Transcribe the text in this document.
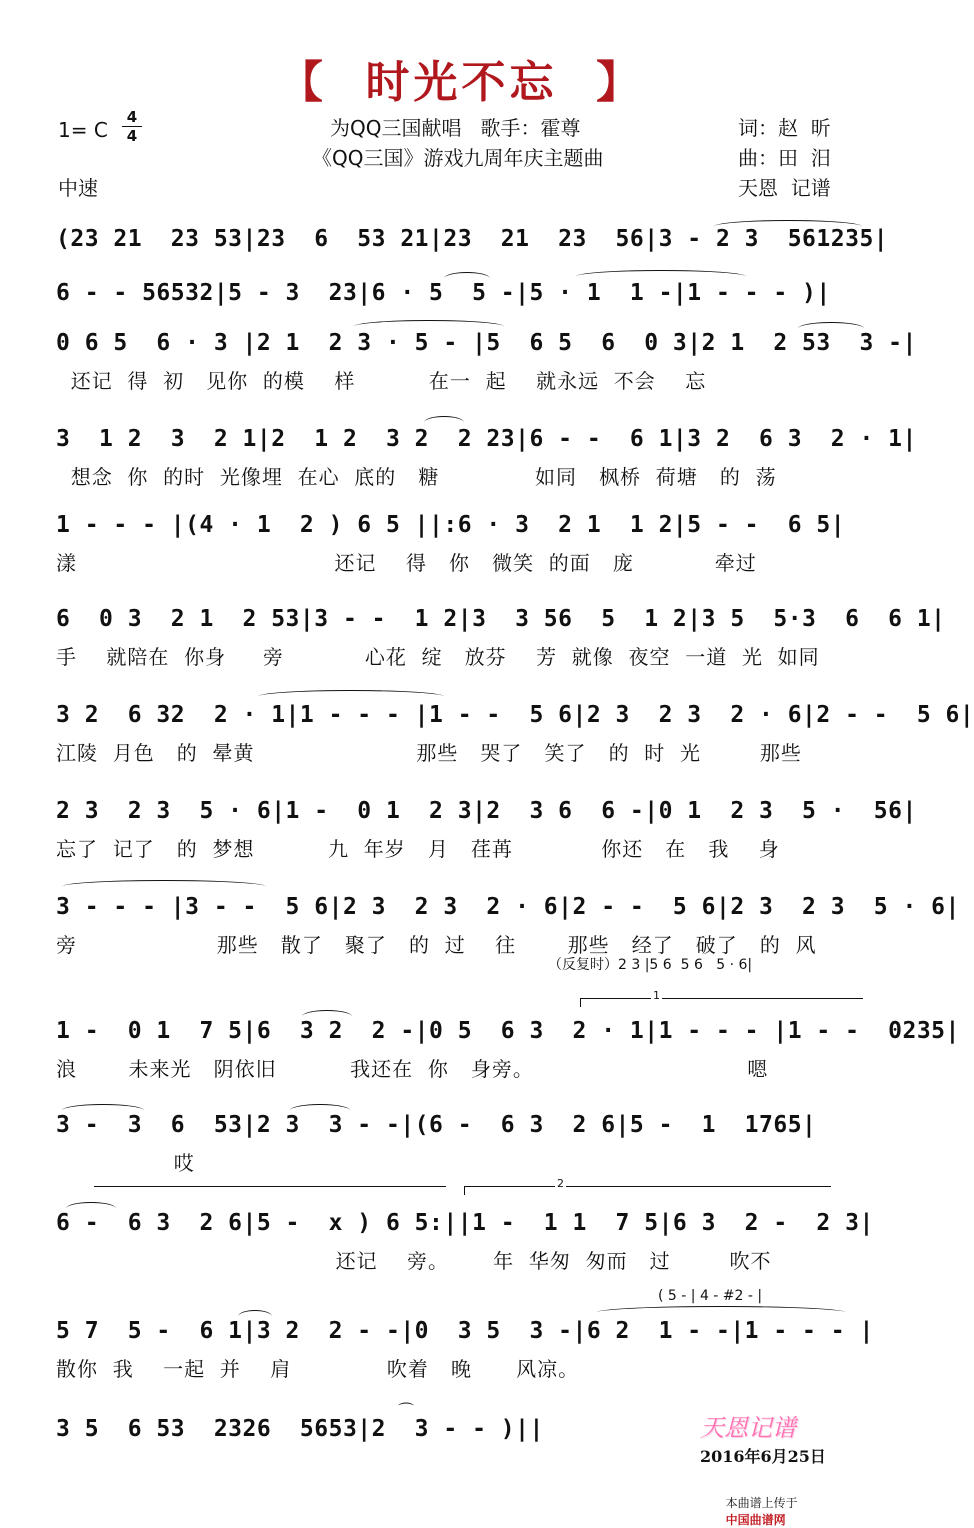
【  时光不忘  】
1= C
4
4
中速
为QQ三国献唱   歌手：霍尊
《QQ三国》游戏九周年庆主题曲
词：赵  昕
曲：田  汨
天恩  记谱
(23 21  23 53|23  6  53 21|23  21  23  56|3 - 2 3  561235|
6 - - 56532|5 - 3  23|6 · 5  5 -|5 · 1  1 -|1 - - - )|
0 6 5  6 · 3 |2 1  2 3 · 5 - |5  6 5  6  0 3|2 1  2 53  3 -|
还记  得  初   见你  的模    样          在一  起    就永远  不会    忘
3  1 2  3  2 1|2  1 2  3 2  2 23|6 - -  6 1|3 2  6 3  2 · 1|
想念  你  的时  光像埋  在心  底的   糖             如同   枫桥  荷塘   的  荡
1 - - - |(4 · 1  2 ) 6 5 ||:6 · 3  2 1  1 2|5 - -  6 5|
漾                                   还记    得   你   微笑  的面   庞           牵过
6  0 3  2 1  2 53|3 - -  1 2|3  3 56  5  1 2|3 5  5·3  6  6 1|
手    就陪在  你身     旁           心花  绽   放芬    芳  就像  夜空  一道  光  如同
3 2  6 32  2 · 1|1 - - - |1 - -  5 6|2 3  2 3  2 · 6|2 - -  5 6|
江陵  月色   的  晕黄                      那些   哭了   笑了   的  时  光        那些
2 3  2 3  5 · 6|1 -  0 1  2 3|2  3 6  6 -|0 1  2 3  5 ·  56|
忘了  记了   的  梦想          九  年岁   月   荏苒            你还   在   我    身
3 - - - |3 - -  5 6|2 3  2 3  2 · 6|2 - -  5 6|2 3  2 3  5 · 6|
旁                   那些   散了   聚了   的  过    往       那些   经了   破了   的  风
（反复时）2 3 |5 6  5 6   5 · 6|
1
1 -  0 1  7 5|6  3 2  2 -|0 5  6 3  2 · 1|1 - - - |1 - -  0235|
浪       未来光   阴依旧          我还在  你   身旁。                             嗯
3 -  3  6  53|2 3  3 - -|(6 -  6 3  2 6|5 -  1  1765|
哎
2
6 -  6 3  2 6|5 -  x ) 6 5:||1 -  1 1  7 5|6 3  2 -  2 3|
还记    旁。      年  华匆  匆而   过        吹不
( 5 - | 4 - #2 - |
5 7  5 -  6 1|3 2  2 - -|0  3 5  3 -|6 2  1 - -|1 - - - |
散你  我    一起  并    肩             吹着   晚      风凉。
3 5  6 53  2326  5653|2  3 - - )||
⌒
天恩记谱
2016年6月25日

本曲谱上传于
中国曲谱网
